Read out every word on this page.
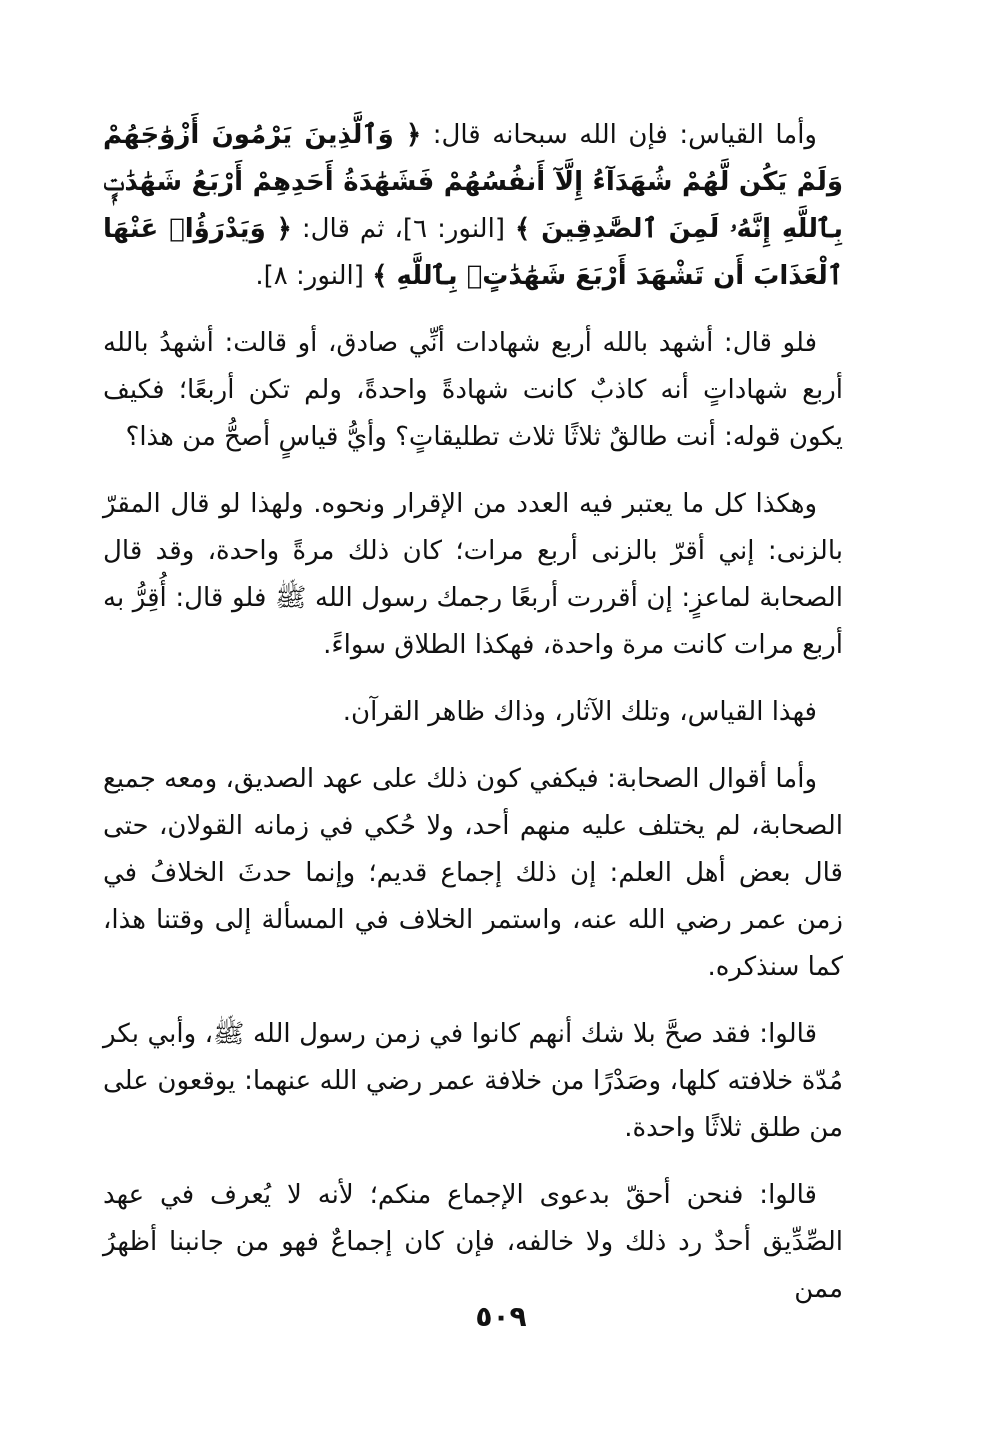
وأما القياس: فإن الله سبحانه قال: ﴿ وَٱلَّذِينَ يَرْمُونَ أَزْوَٰجَهُمْ وَلَمْ يَكُن لَّهُمْ شُهَدَآءُ إِلَّآ أَنفُسُهُمْ فَشَهَٰدَةُ أَحَدِهِمْ أَرْبَعُ شَهَٰدَٰتٍۭ بِٱللَّهِ إِنَّهُۥ لَمِنَ ٱلصَّٰدِقِينَ ﴾ [النور: ٦]، ثم قال: ﴿ وَيَدْرَؤُا۟ عَنْهَا ٱلْعَذَابَ أَن تَشْهَدَ أَرْبَعَ شَهَٰدَٰتٍۭ بِٱللَّهِ ﴾ [النور: ٨].

فلو قال: أشهد بالله أربع شهادات أنِّي صادق، أو قالت: أشهدُ بالله أربع شهاداتٍ أنه كاذبٌ كانت شهادةً واحدةً، ولم تكن أربعًا؛ فكيف يكون قوله: أنت طالقٌ ثلاثًا ثلاث تطليقاتٍ؟ وأيُّ قياسٍ أصحُّ من هذا؟

وهكذا كل ما يعتبر فيه العدد من الإقرار ونحوه. ولهذا لو قال المقرّ بالزنى: إني أقرّ بالزنى أربع مرات؛ كان ذلك مرةً واحدة، وقد قال الصحابة لماعزٍ: إن أقررت أربعًا رجمك رسول الله ﷺ فلو قال: أُقِرُّ به أربع مرات كانت مرة واحدة، فهكذا الطلاق سواءً.

فهذا القياس، وتلك الآثار، وذاك ظاهر القرآن.

وأما أقوال الصحابة: فيكفي كون ذلك على عهد الصديق، ومعه جميع الصحابة، لم يختلف عليه منهم أحد، ولا حُكي في زمانه القولان، حتى قال بعض أهل العلم: إن ذلك إجماع قديم؛ وإنما حدثَ الخلافُ في زمن عمر رضي الله عنه، واستمر الخلاف في المسألة إلى وقتنا هذا، كما سنذكره.

قالوا: فقد صحَّ بلا شك أنهم كانوا في زمن رسول الله ﷺ، وأبي بكر مُدّة خلافته كلها، وصَدْرًا من خلافة عمر رضي الله عنهما: يوقعون على من طلق ثلاثًا واحدة.

قالوا: فنحن أحقّ بدعوى الإجماع منكم؛ لأنه لا يُعرف في عهد الصِّدِّيق أحدٌ رد ذلك ولا خالفه، فإن كان إجماعٌ فهو من جانبنا أظهرُ ممن

٥٠٩
